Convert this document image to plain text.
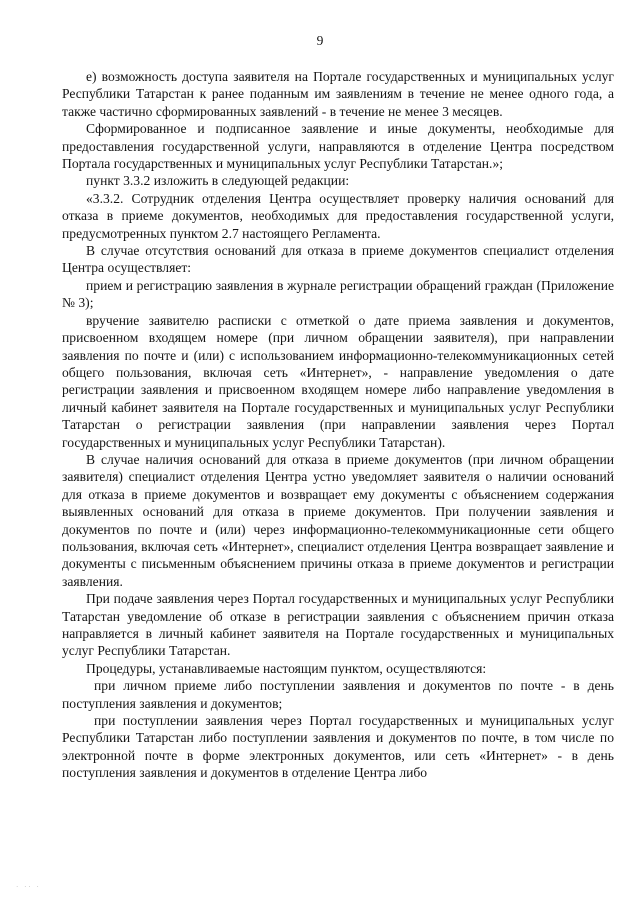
9

е) возможность доступа заявителя на Портале государственных и муниципальных услуг Республики Татарстан к ранее поданным им заявлениям в течение не менее одного года, а также частично сформированных заявлений - в течение не менее 3 месяцев.

Сформированное и подписанное заявление и иные документы, необходимые для предоставления государственной услуги, направляются в отделение Центра посредством Портала государственных и муниципальных услуг Республики Татарстан.»;

пункт 3.3.2 изложить в следующей редакции:

«3.3.2. Сотрудник отделения Центра осуществляет проверку наличия оснований для отказа в приеме документов, необходимых для предоставления государственной услуги, предусмотренных пунктом 2.7 настоящего Регламента.

В случае отсутствия оснований для отказа в приеме документов специалист отделения Центра осуществляет:

прием и регистрацию заявления в журнале регистрации обращений граждан (Приложение № 3);

вручение заявителю расписки с отметкой о дате приема заявления и документов, присвоенном входящем номере (при личном обращении заявителя), при направлении заявления по почте и (или) с использованием информационно-телекоммуникационных сетей общего пользования, включая сеть «Интернет», - направление уведомления о дате регистрации заявления и присвоенном входящем номере либо направление уведомления в личный кабинет заявителя на Портале государственных и муниципальных услуг Республики Татарстан о регистрации заявления (при направлении заявления через Портал государственных и муниципальных услуг Республики Татарстан).

В случае наличия оснований для отказа в приеме документов (при личном обращении заявителя) специалист отделения Центра устно уведомляет заявителя о наличии оснований для отказа в приеме документов и возвращает ему документы с объяснением содержания выявленных оснований для отказа в приеме документов. При получении заявления и документов по почте и (или) через информационно-телекоммуникационные сети общего пользования, включая сеть «Интернет», специалист отделения Центра возвращает заявление и документы с письменным объяснением причины отказа в приеме документов и регистрации заявления.

При подаче заявления через Портал государственных и муниципальных услуг Республики Татарстан уведомление об отказе в регистрации заявления с объяснением причин отказа направляется в личный кабинет заявителя на Портале государственных и муниципальных услуг Республики Татарстан.

Процедуры, устанавливаемые настоящим пунктом, осуществляются:

при личном приеме либо поступлении заявления и документов по почте - в день поступления заявления и документов;

при поступлении заявления через Портал государственных и муниципальных услуг Республики Татарстан либо поступлении заявления и документов по почте, в том числе по электронной почте в форме электронных документов, или сеть «Интернет» - в день поступления заявления и документов в отделение Центра либо

· ·· ·
